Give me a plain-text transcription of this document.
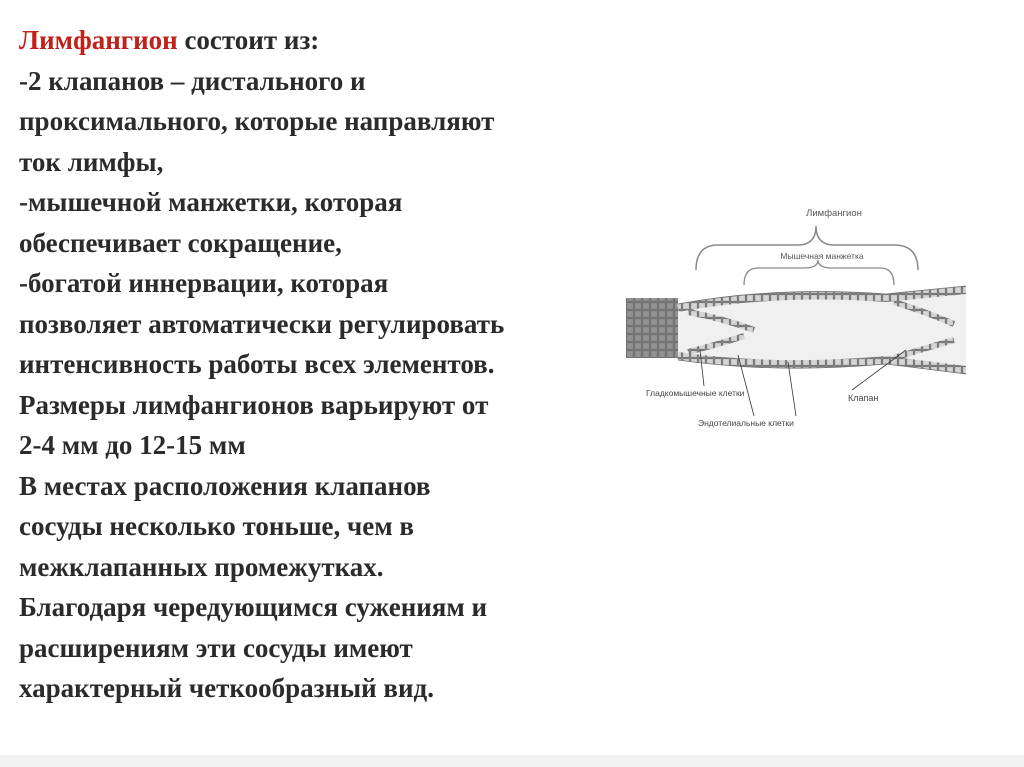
Лимфангион состоит из:
-2 клапанов – дистального и
проксимального, которые направляют
ток лимфы,
-мышечной манжетки, которая
обеспечивает сокращение,
-богатой иннервации, которая
позволяет автоматически регулировать
интенсивность работы всех элементов.
Размеры лимфангионов варьируют от
2-4 мм до 12-15 мм
В местах расположения клапанов
сосуды несколько тоньше, чем в
межклапанных промежутках.
Благодаря чередующимся сужениям и
расширениям эти сосуды имеют
характерный четкообразный вид.
Лимфангион
Мышечная манжетка
Гладкомышечные клетки	Клапан
Эндотелиальные клетки
